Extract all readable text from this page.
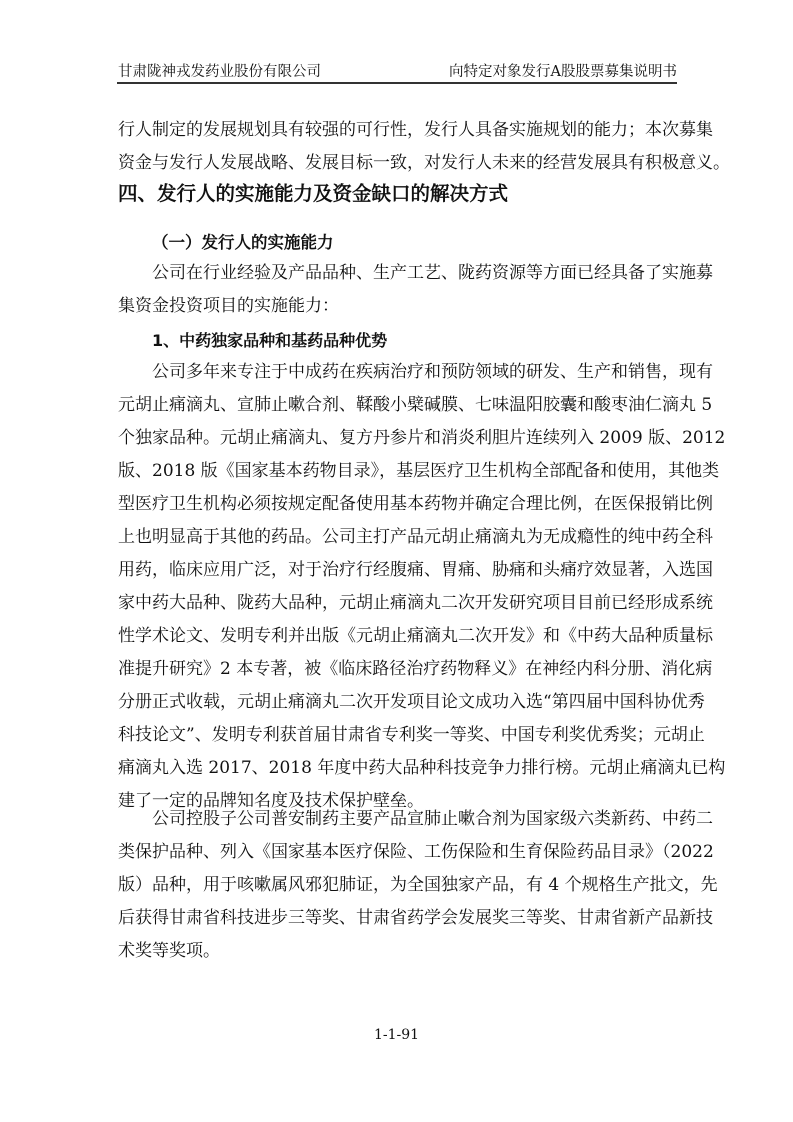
甘肃陇神戎发药业股份有限公司	向特定对象发行A股股票募集说明书
四、发行人的实施能力及资金缺口的解决方式
（一）发行人的实施能力
1、中药独家品种和基药品种优势
行人制定的发展规划具有较强的可行性，发行人具备实施规划的能力；本次募集
资金与发行人发展战略、发展目标一致，对发行人未来的经营发展具有积极意义。
公司在行业经验及产品品种、生产工艺、陇药资源等方面已经具备了实施募
集资金投资项目的实施能力：
公司多年来专注于中成药在疾病治疗和预防领域的研发、生产和销售，现有
元胡止痛滴丸、宣肺止嗽合剂、鞣酸小檗碱膜、七味温阳胶囊和酸枣油仁滴丸 5
个独家品种。元胡止痛滴丸、复方丹参片和消炎利胆片连续列入 2009 版、2012
版、2018 版《国家基本药物目录》，基层医疗卫生机构全部配备和使用，其他类
型医疗卫生机构必须按规定配备使用基本药物并确定合理比例，在医保报销比例
上也明显高于其他的药品。公司主打产品元胡止痛滴丸为无成瘾性的纯中药全科
用药，临床应用广泛，对于治疗行经腹痛、胃痛、胁痛和头痛疗效显著，入选国
家中药大品种、陇药大品种，元胡止痛滴丸二次开发研究项目目前已经形成系统
性学术论文、发明专利并出版《元胡止痛滴丸二次开发》和《中药大品种质量标
准提升研究》2 本专著，被《临床路径治疗药物释义》在神经内科分册、消化病
分册正式收载，元胡止痛滴丸二次开发项目论文成功入选“第四届中国科协优秀
科技论文”、发明专利获首届甘肃省专利奖一等奖、中国专利奖优秀奖；元胡止
痛滴丸入选 2017、2018 年度中药大品种科技竞争力排行榜。元胡止痛滴丸已构
建了一定的品牌知名度及技术保护壁垒。
公司控股子公司普安制药主要产品宣肺止嗽合剂为国家级六类新药、中药二
类保护品种、列入《国家基本医疗保险、工伤保险和生育保险药品目录》（2022
版）品种，用于咳嗽属风邪犯肺证，为全国独家产品，有 4 个规格生产批文，先
后获得甘肃省科技进步三等奖、甘肃省药学会发展奖三等奖、甘肃省新产品新技
术奖等奖项。
1-1-91
